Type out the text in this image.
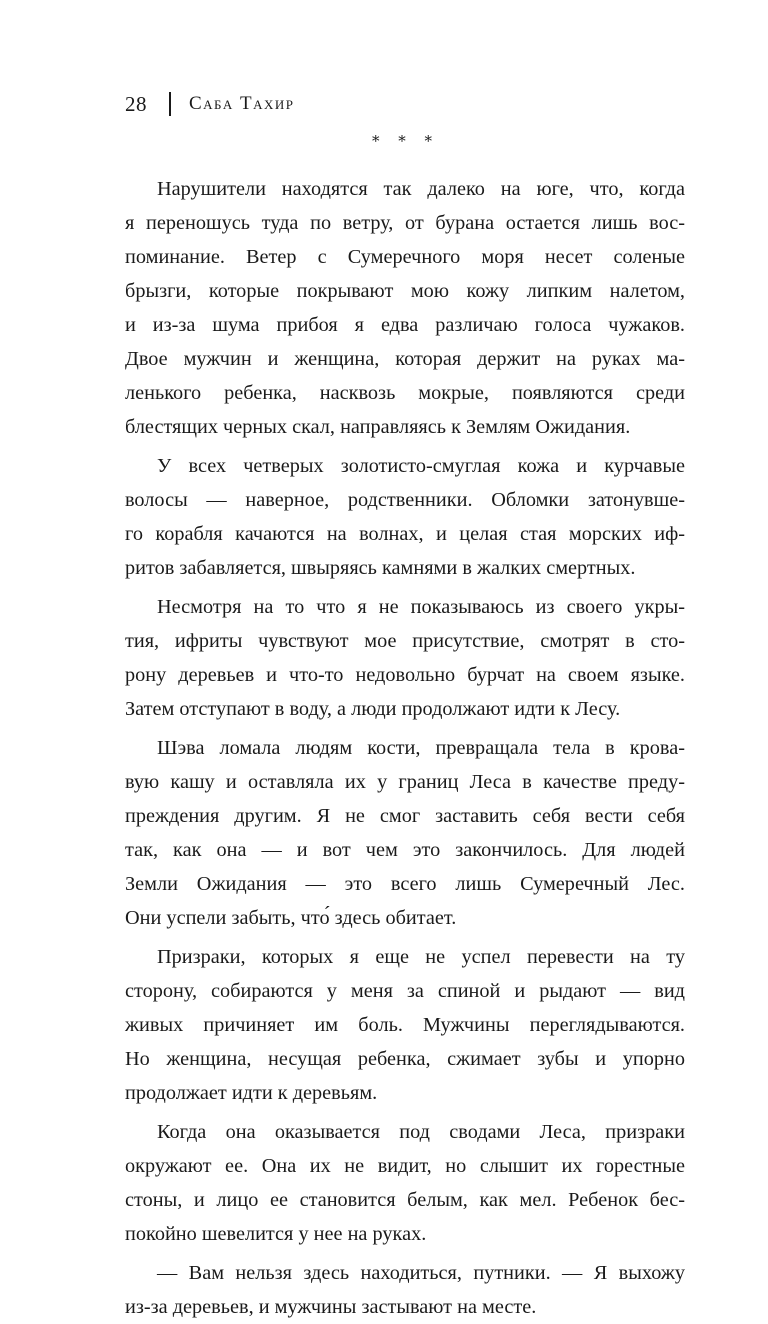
28 Саба Тахир
* * *
Нарушители находятся так далеко на юге, что, когда
я переношусь туда по ветру, от бурана остается лишь вос-
поминание. Ветер с Сумеречного моря несет соленые
брызги, которые покрывают мою кожу липким налетом,
и из-за шума прибоя я едва различаю голоса чужаков.
Двое мужчин и женщина, которая держит на руках ма-
ленького ребенка, насквозь мокрые, появляются среди
блестящих черных скал, направляясь к Землям Ожидания.
У всех четверых золотисто-смуглая кожа и курчавые
волосы — наверное, родственники. Обломки затонувше-
го корабля качаются на волнах, и целая стая морских иф-
ритов забавляется, швыряясь камнями в жалких смертных.
Несмотря на то что я не показываюсь из своего укры-
тия, ифриты чувствуют мое присутствие, смотрят в сто-
рону деревьев и что-то недовольно бурчат на своем языке.
Затем отступают в воду, а люди продолжают идти к Лесу.
Шэва ломала людям кости, превращала тела в крова-
вую кашу и оставляла их у границ Леса в качестве преду-
преждения другим. Я не смог заставить себя вести себя
так, как она — и вот чем это закончилось. Для людей
Земли Ожидания — это всего лишь Сумеречный Лес.
Они успели забыть, что́ здесь обитает.
Призраки, которых я еще не успел перевести на ту
сторону, собираются у меня за спиной и рыдают — вид
живых причиняет им боль. Мужчины переглядываются.
Но женщина, несущая ребенка, сжимает зубы и упорно
продолжает идти к деревьям.
Когда она оказывается под сводами Леса, призраки
окружают ее. Она их не видит, но слышит их горестные
стоны, и лицо ее становится белым, как мел. Ребенок бес-
покойно шевелится у нее на руках.
— Вам нельзя здесь находиться, путники. — Я выхожу
из-за деревьев, и мужчины застывают на месте.
